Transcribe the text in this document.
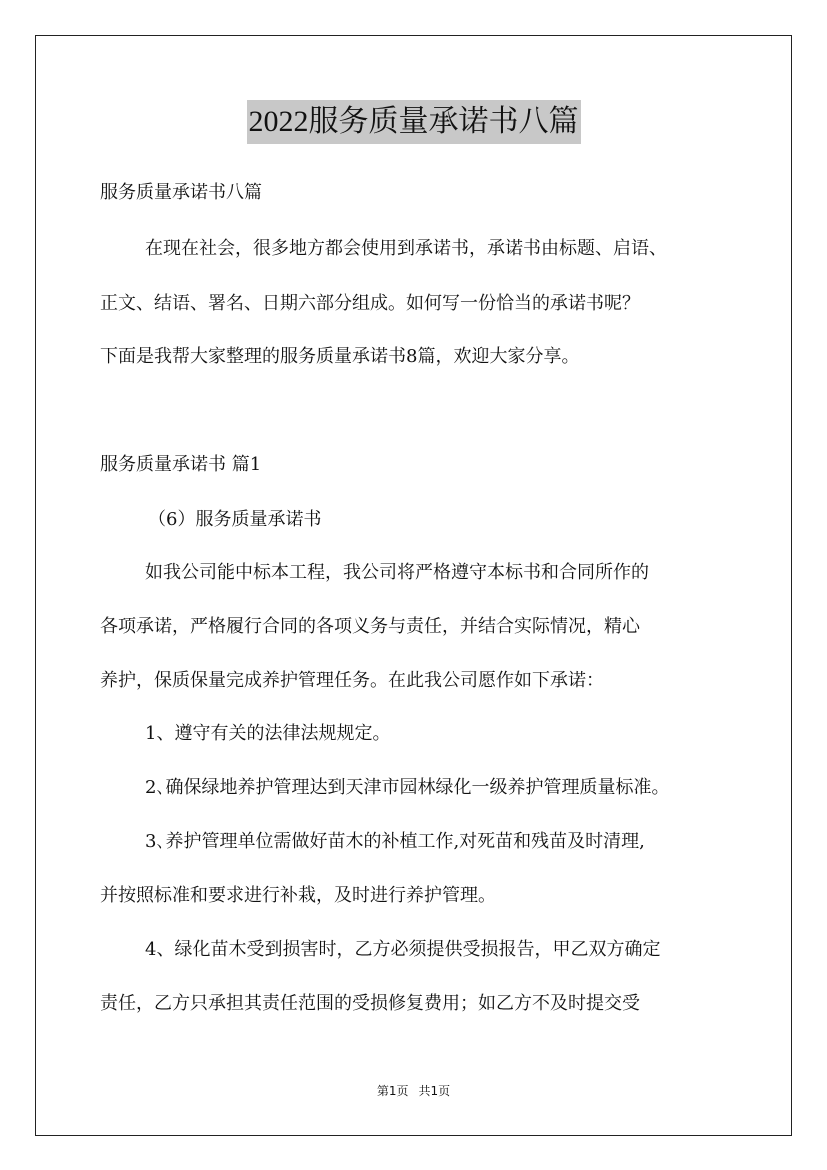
2022服务质量承诺书八篇
服务质量承诺书八篇
在现在社会，很多地方都会使用到承诺书，承诺书由标题、启语、
正文、结语、署名、日期六部分组成。如何写一份恰当的承诺书呢？
下面是我帮大家整理的服务质量承诺书8篇，欢迎大家分享。
服务质量承诺书 篇1
（6）服务质量承诺书
如我公司能中标本工程，我公司将严格遵守本标书和合同所作的
各项承诺，严格履行合同的各项义务与责任，并结合实际情况，精心
养护，保质保量完成养护管理任务。在此我公司愿作如下承诺：
1、遵守有关的法律法规规定。
2､确保绿地养护管理达到天津市园林绿化一级养护管理质量标准。
3､养护管理单位需做好苗木的补植工作,对死苗和残苗及时清理,
并按照标准和要求进行补栽，及时进行养护管理。
4、绿化苗木受到损害时，乙方必须提供受损报告，甲乙双方确定
责任，乙方只承担其责任范围的受损修复费用；如乙方不及时提交受
第1页 共1页
